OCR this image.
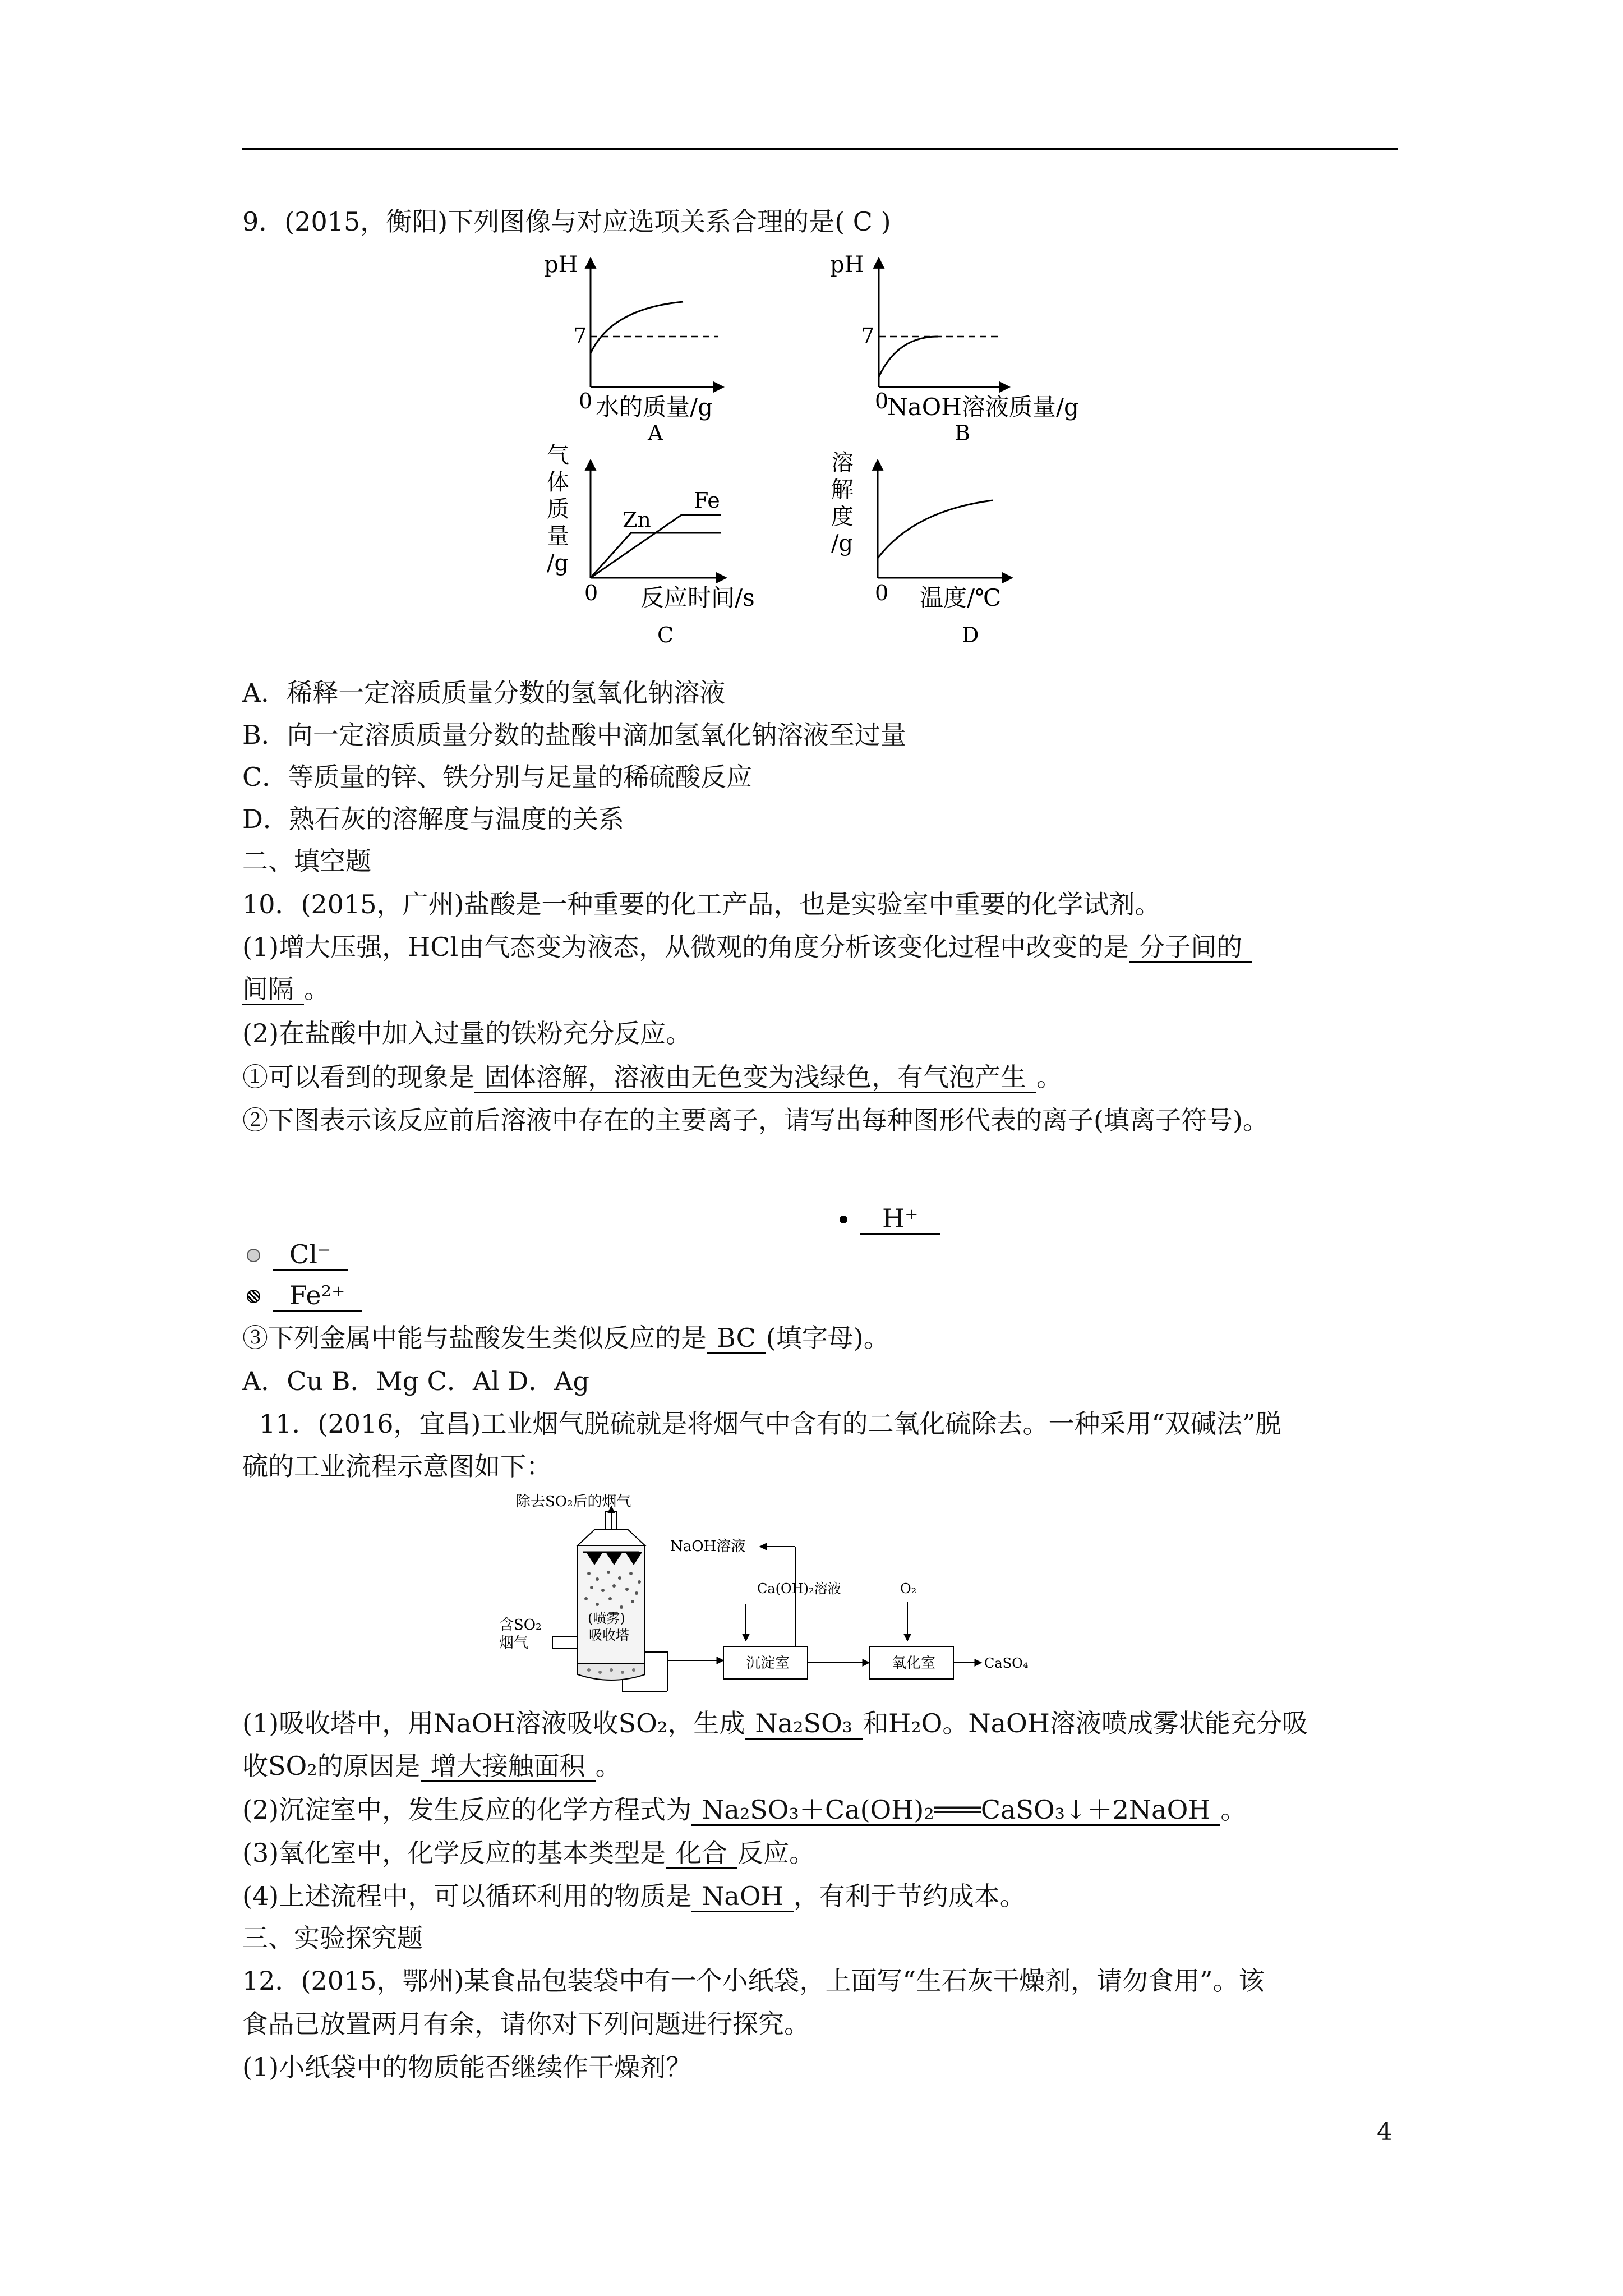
9．(2015，衡阳)下列图像与对应选项关系合理的是( C )
pH
7
0 水的质量/g
A
pH
7
0
NaOH溶液质量/g
B
气
体
质
量
/g
Fe
Zn
0 反应时间/s
C
溶
解
度
/g
0 温度/℃
D
A．稀释一定溶质质量分数的氢氧化钠溶液
B．向一定溶质质量分数的盐酸中滴加氢氧化钠溶液至过量
C．等质量的锌、铁分别与足量的稀硫酸反应
D．熟石灰的溶解度与温度的关系
二、填空题
10．(2015，广州)盐酸是一种重要的化工产品，也是实验室中重要的化学试剂。
(1)增大压强，HCl由气态变为液态，从微观的角度分析该变化过程中改变的是 分子间的
间隔 。
(2)在盐酸中加入过量的铁粉充分反应。
①可以看到的现象是 固体溶解，溶液由无色变为浅绿色，有气泡产生 。
②下图表示该反应前后溶液中存在的主要离子，请写出每种图形代表的离子(填离子符号)。
H⁺
Cl⁻
Fe²⁺
③下列金属中能与盐酸发生类似反应的是 BC (填字母)。
A．Cu B．Mg C．Al D．Ag
11．(2016，宜昌)工业烟气脱硫就是将烟气中含有的二氧化硫除去。一种采用“双碱法”脱
硫的工业流程示意图如下：
除去SO₂后的烟气
(喷雾)
吸收塔
含SO₂
烟气
NaOH溶液
Ca(OH)₂溶液
沉淀室
O₂
氧化室	CaSO₄
(1)吸收塔中，用NaOH溶液吸收SO₂，生成 Na₂SO₃ 和H₂O。NaOH溶液喷成雾状能充分吸
收SO₂的原因是 增大接触面积 。
(2)沉淀室中，发生反应的化学方程式为 Na₂SO₃＋Ca(OH)₂═══CaSO₃↓＋2NaOH 。
(3)氧化室中，化学反应的基本类型是 化合 反应。
(4)上述流程中，可以循环利用的物质是 NaOH ，有利于节约成本。
三、实验探究题
12．(2015，鄂州)某食品包装袋中有一个小纸袋，上面写“生石灰干燥剂，请勿食用”。该
食品已放置两月有余，请你对下列问题进行探究。
(1)小纸袋中的物质能否继续作干燥剂？
4
